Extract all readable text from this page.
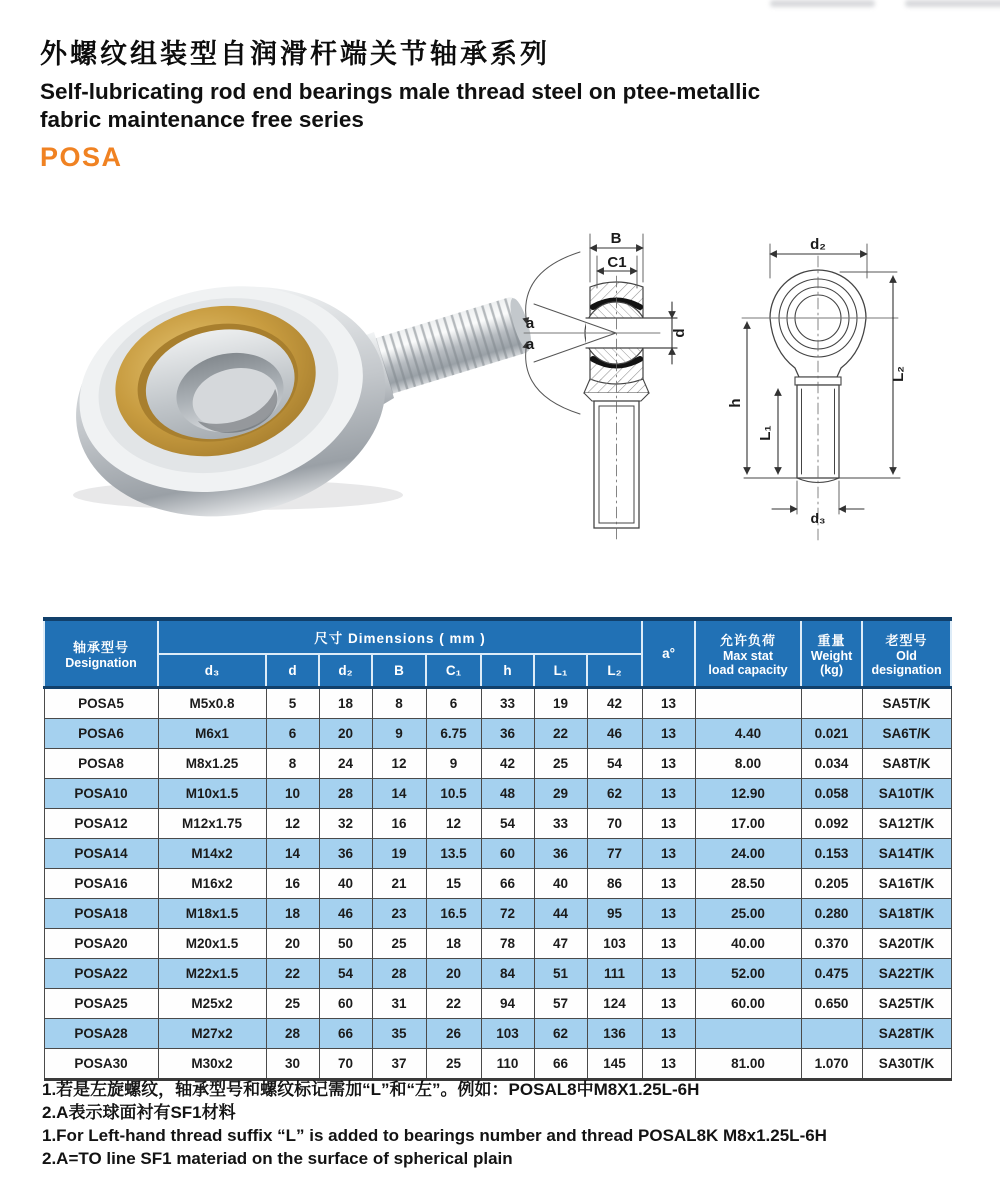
外螺纹组装型自润滑杆端关节轴承系列
Self-lubricating rod end bearings male thread steel on ptee-metallic
fabric maintenance free series
POSA
B
C1
a
a
d
d₂
h
L₁
L₂
d₃
轴承型号
Designation
	尺寸 Dimensions ( mm )	a°	
允许负荷
Max stat
load capacity

重量
Weight
(kg)

老型号
Old
designation

	d₃	d	d₂	B	C₁	h	L₁	L₂				
POSA5	M5x0.8	5	18	8	6	33	19	42	13			SA5T/K
POSA6	M6x1	6	20	9	6.75	36	22	46	13	4.40	0.021	SA6T/K
POSA8	M8x1.25	8	24	12	9	42	25	54	13	8.00	0.034	SA8T/K
POSA10	M10x1.5	10	28	14	10.5	48	29	62	13	12.90	0.058	SA10T/K
POSA12	M12x1.75	12	32	16	12	54	33	70	13	17.00	0.092	SA12T/K
POSA14	M14x2	14	36	19	13.5	60	36	77	13	24.00	0.153	SA14T/K
POSA16	M16x2	16	40	21	15	66	40	86	13	28.50	0.205	SA16T/K
POSA18	M18x1.5	18	46	23	16.5	72	44	95	13	25.00	0.280	SA18T/K
POSA20	M20x1.5	20	50	25	18	78	47	103	13	40.00	0.370	SA20T/K
POSA22	M22x1.5	22	54	28	20	84	51	111	13	52.00	0.475	SA22T/K
POSA25	M25x2	25	60	31	22	94	57	124	13	60.00	0.650	SA25T/K
POSA28	M27x2	28	66	35	26	103	62	136	13			SA28T/K
POSA30	M30x2	30	70	37	25	110	66	145	13	81.00	1.070	SA30T/K
1.若是左旋螺纹，轴承型号和螺纹标记需加“L”和“左”。例如：POSAL8中M8X1.25L-6H
2.A表示球面衬有SF1材料
1.For Left-hand thread suffix “L” is added to bearings number and thread POSAL8K M8x1.25L-6H
2.A=TO line SF1 materiad on the surface of spherical plain
